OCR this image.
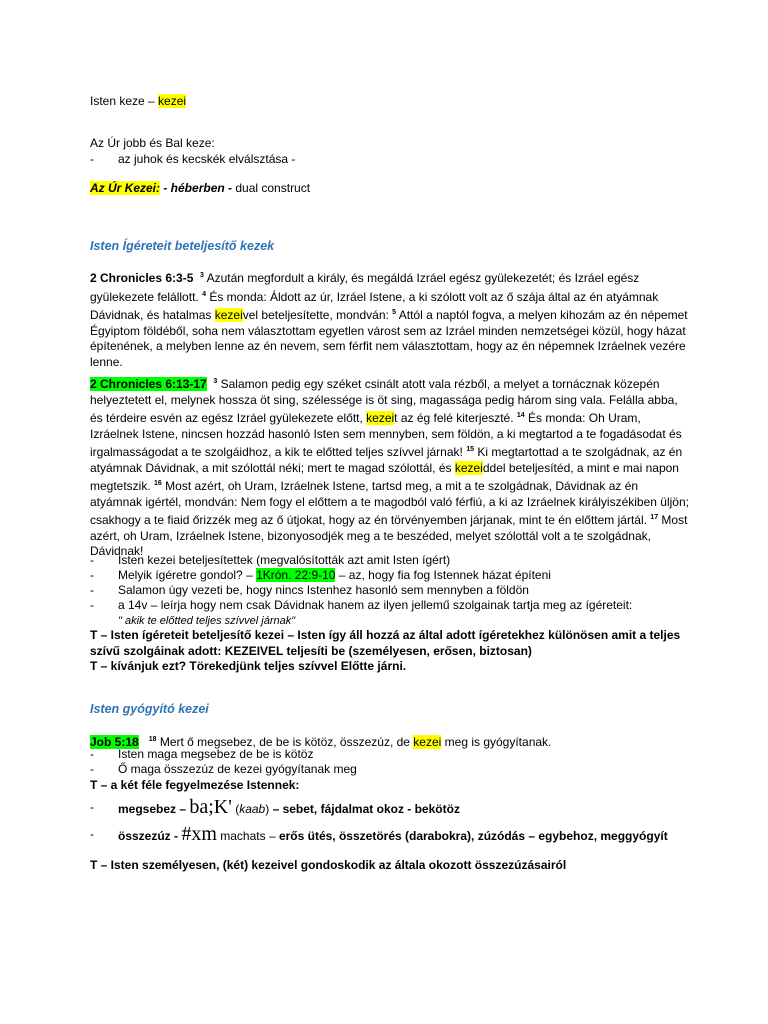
Isten keze – kezei
Az Úr jobb és Bal keze:
- az juhok és kecskék elválsztása -
Az Úr Kezei: - héberben - dual construct
Isten Ígéreteit beteljesítő kezek
2 Chronicles 6:3-5 $^3$ Azután megfordult a király, és megáldá Izráel egész gyülekezetét; és Izráel egész gyülekezete felállott. $^4$ És monda: Áldott az úr, Izráel Istene, a ki szólott volt az ő szája által az én atyámnak Dávidnak, és hatalmas kezeivel beteljesítette, mondván: $^5$ Attól a naptól fogva, a melyen kihozám az én népemet Égyiptom földéből, soha nem választottam egyetlen várost sem az Izráel minden nemzetségei közül, hogy házat építenének, a melyben lenne az én nevem, sem férfit nem választottam, hogy az én népemnek Izráelnek vezére lenne.
2 Chronicles 6:13-17 $^3$ Salamon pedig egy széket csinált atott vala rézből, a melyet a tornácznak közepén helyeztetett el, melynek hossza öt sing, szélessége is öt sing, magassága pedig három sing vala. Felálla abba, és térdeire esvén az egész Izráel gyülekezete előtt, kezeit az ég felé kiterjeszté. $^{14}$ És monda: Oh Uram, Izráelnek Istene, nincsen hozzád hasonló Isten sem mennyben, sem földön, a ki megtartod a te fogadásodat és irgalmasságodat a te szolgáidhoz, a kik te előtted teljes szívvel járnak! $^{15}$ Ki megtartottad a te szolgádnak, az én atyámnak Dávidnak, a mit szólottál néki; mert te magad szólottál, és kezeiddel beteljesítéd, a mint e mai napon megtetszik. $^{16}$ Most azért, oh Uram, Izráelnek Istene, tartsd meg, a mit a te szolgádnak, Dávidnak az én atyámnak igértél, mondván: Nem fogy el előttem a te magodból való férfiú, a ki az Izráelnek királyiszékiben üljön; csakhogy a te fiaid őrizzék meg az ő útjokat, hogy az én törvényemben járjanak, mint te én előttem jártál. $^{17}$ Most azért, oh Uram, Izráelnek Istene, bizonyosodjék meg a te beszéded, melyet szólottál volt a te szolgádnak, Dávidnak!
- Isten kezei beteljesítettek (megvalósították azt amit Isten ígért)
- Melyik ígéretre gondol? – 1Krón. 22:9-10 – az, hogy fia fog Istennek házat építeni
- Salamon úgy vezeti be, hogy nincs Istenhez hasonló sem mennyben a földön
- a 14v – leírja hogy nem csak Dávidnak hanem az ilyen jellemű szolgainak tartja meg az ígéreteit:
" akik te előtted teljes szívvel járnak"
T – Isten ígéreteit beteljesítő kezei – Isten így áll hozzá az által adott ígéretekhez különösen amit a teljes szívű szolgáinak adott: KEZEIVEL teljesíti be (személyesen, erősen, biztosan)
T – kívánjuk ezt? Törekedjünk teljes szívvel Előtte járni.
Isten gyógyító kezei
Job 5:18 $^{18}$ Mert ő megsebez, de be is kötöz, összezúz, de kezei meg is gyógyítanak.
- Isten maga megsebez de be is kötöz
- Ő maga összezúz de kezei gyógyítanak meg
T – a két féle fegyelmezése Istennek:
- megsebez – ba;K' (kaab) – sebet, fájdalmat okoz - bekötöz
- összezúz - #xm machats – erős ütés, összetörés (darabokra), zúzódás – egybehoz, meggyógyít
T – Isten személyesen, (két) kezeivel gondoskodik az általa okozott összezúzásairól
